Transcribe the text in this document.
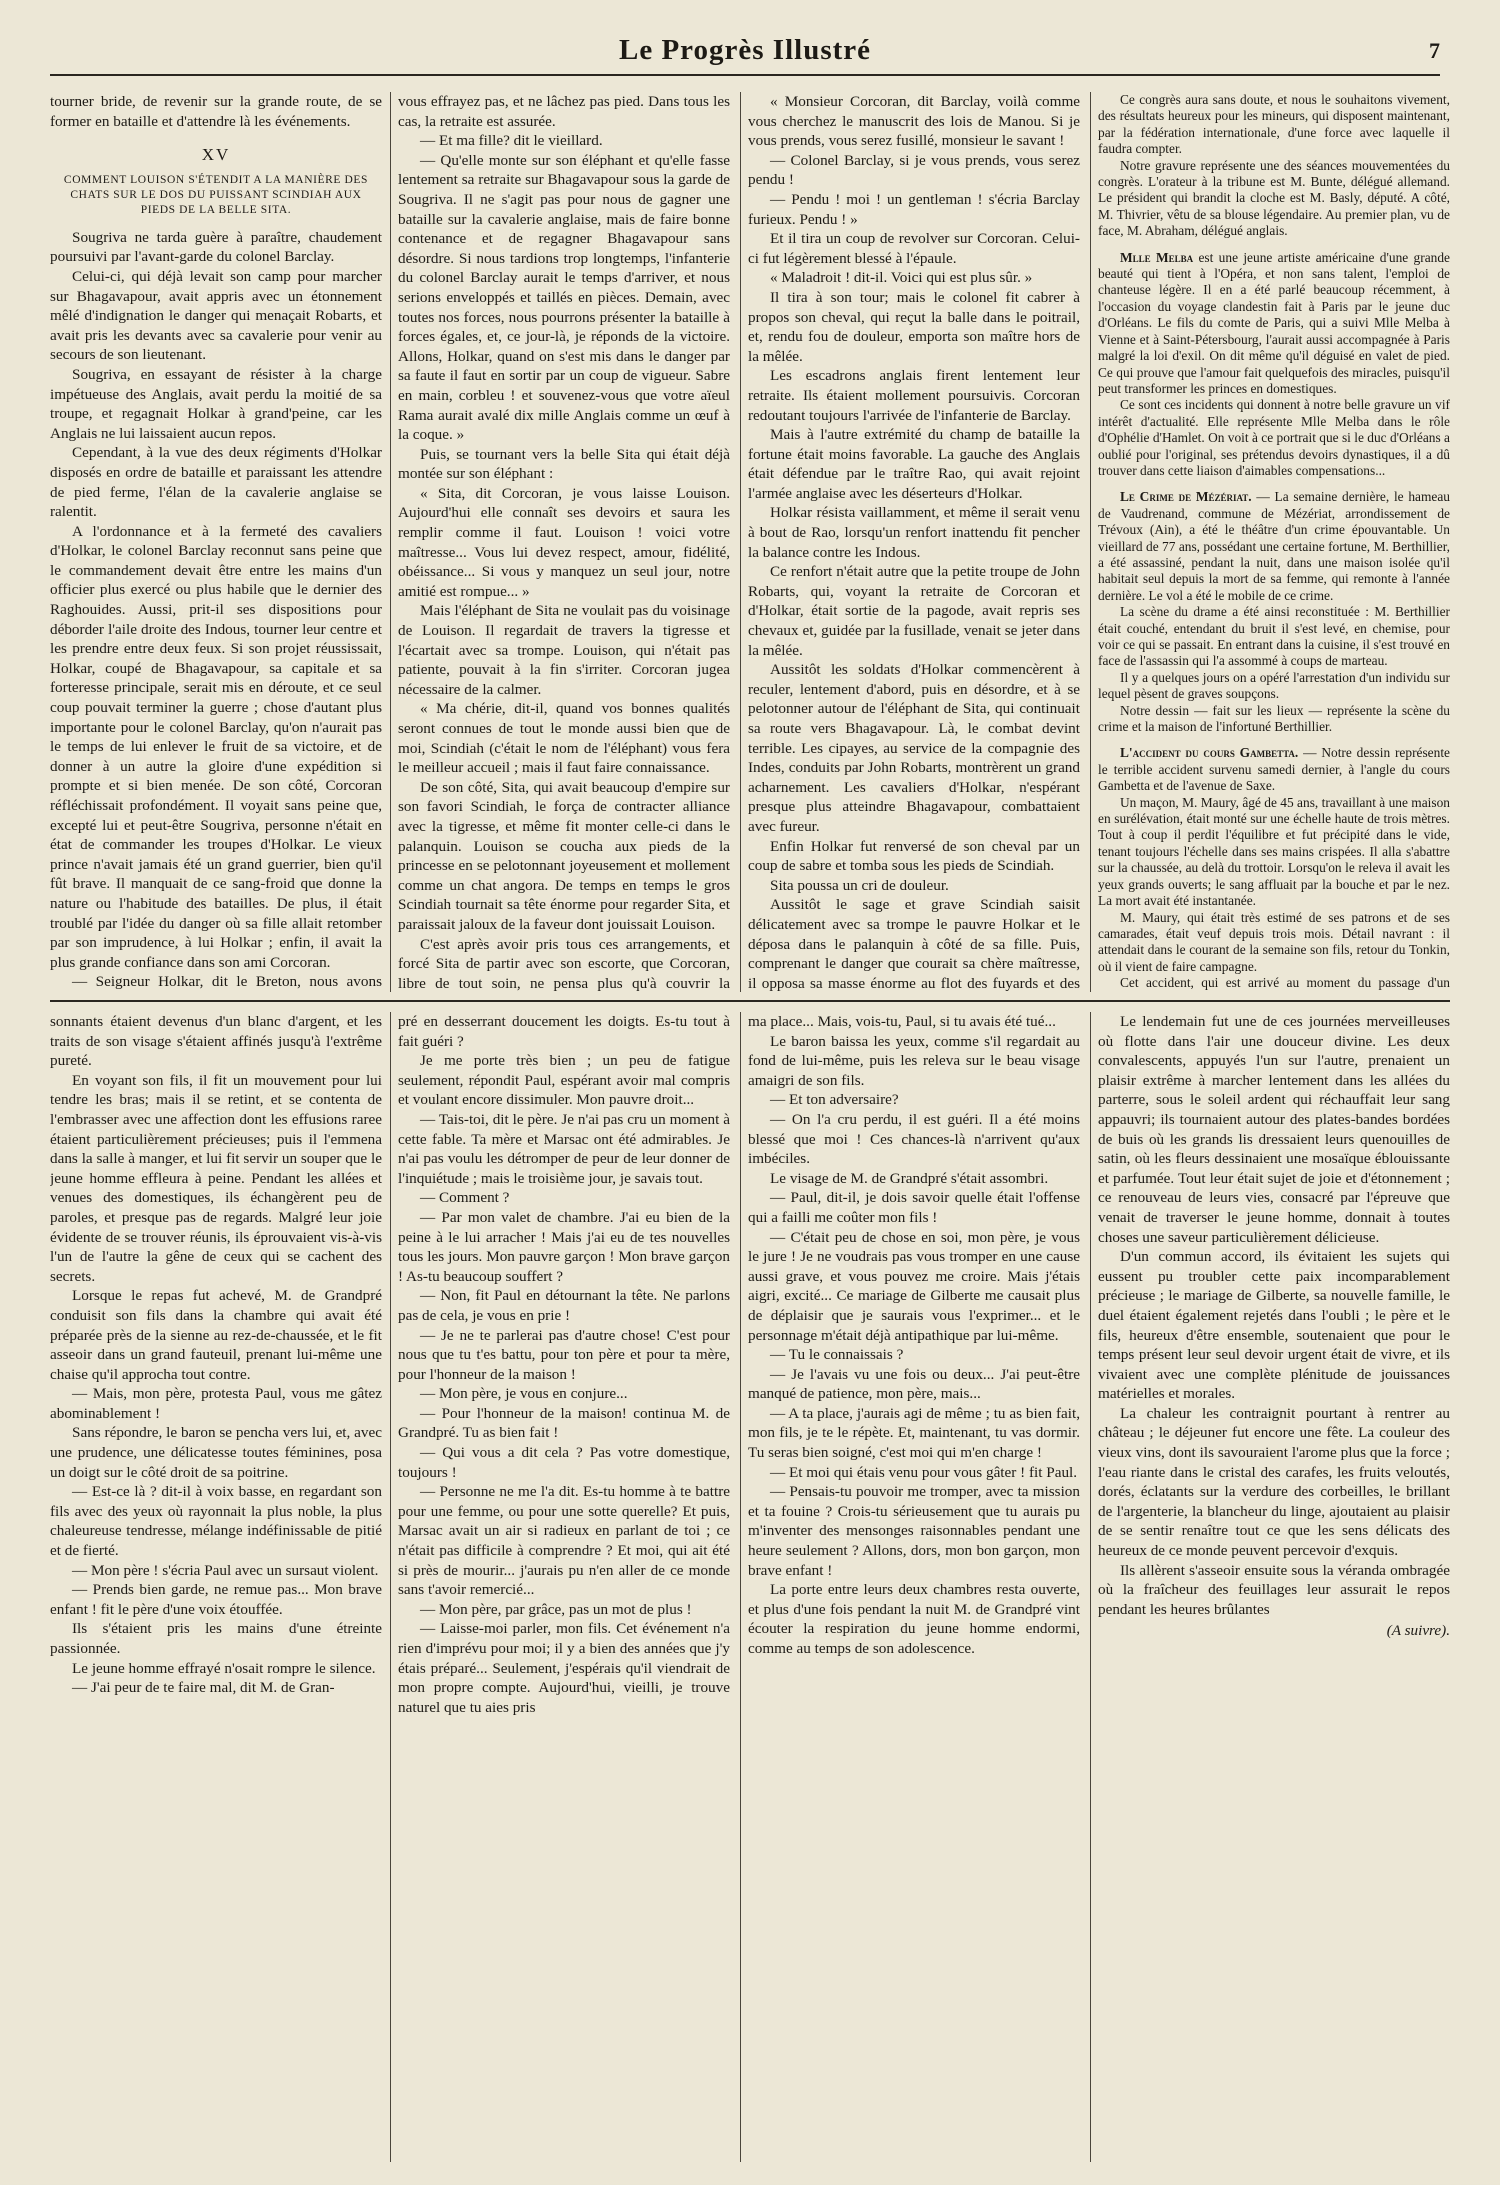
Le Progrès Illustré	7

tourner bride, de revenir sur la grande route, de se former en bataille et d'attendre là les événements.

XV
COMMENT LOUISON S'ÉTENDIT A LA MANIÈRE DES CHATS SUR LE DOS DU PUISSANT SCINDIAH AUX PIEDS DE LA BELLE SITA.

Sougriva ne tarda guère à paraître, chaudement poursuivi par l'avant-garde du colonel Barclay.

Celui-ci, qui déjà levait son camp pour marcher sur Bhagavapour, avait appris avec un étonnement mêlé d'indignation le danger qui menaçait Robarts, et avait pris les devants avec sa cavalerie pour venir au secours de son lieutenant.

Sougriva, en essayant de résister à la charge impétueuse des Anglais, avait perdu la moitié de sa troupe, et regagnait Holkar à grand'peine, car les Anglais ne lui laissaient aucun repos.

Cependant, à la vue des deux régiments d'Holkar disposés en ordre de bataille et paraissant les attendre de pied ferme, l'élan de la cavalerie anglaise se ralentit.

A l'ordonnance et à la fermeté des cavaliers d'Holkar, le colonel Barclay reconnut sans peine que le commandement devait être entre les mains d'un officier plus exercé ou plus habile que le dernier des Raghouides. Aussi, prit-il ses dispositions pour déborder l'aile droite des Indous, tourner leur centre et les prendre entre deux feux. Si son projet réussissait, Holkar, coupé de Bhagavapour, sa capitale et sa forteresse principale, serait mis en déroute, et ce seul coup pouvait terminer la guerre ; chose d'autant plus importante pour le colonel Barclay, qu'on n'aurait pas le temps de lui enlever le fruit de sa victoire, et de donner à un autre la gloire d'une expédition si prompte et si bien menée. De son côté, Corcoran réfléchissait profondément. Il voyait sans peine que, excepté lui et peut-être Sougriva, personne n'était en état de commander les troupes d'Holkar. Le vieux prince n'avait jamais été un grand guerrier, bien qu'il fût brave. Il manquait de ce sang-froid que donne la nature ou l'habitude des batailles. De plus, il était troublé par l'idée du danger où sa fille allait retomber par son imprudence, à lui Holkar ; enfin, il avait la plus grande confiance dans son ami Corcoran.

— Seigneur Holkar, dit le Breton, nous avons

vous effrayez pas, et ne lâchez pas pied. Dans tous les cas, la retraite est assurée.

— Et ma fille? dit le vieillard.

— Qu'elle monte sur son éléphant et qu'elle fasse lentement sa retraite sur Bhagavapour sous la garde de Sougriva. Il ne s'agit pas pour nous de gagner une bataille sur la cavalerie anglaise, mais de faire bonne contenance et de regagner Bhagavapour sans désordre. Si nous tardions trop longtemps, l'infanterie du colonel Barclay aurait le temps d'arriver, et nous serions enveloppés et taillés en pièces. Demain, avec toutes nos forces, nous pourrons présenter la bataille à forces égales, et, ce jour-là, je réponds de la victoire. Allons, Holkar, quand on s'est mis dans le danger par sa faute il faut en sortir par un coup de vigueur. Sabre en main, corbleu ! et souvenez-vous que votre aïeul Rama aurait avalé dix mille Anglais comme un œuf à la coque. »

Puis, se tournant vers la belle Sita qui était déjà montée sur son éléphant :

« Sita, dit Corcoran, je vous laisse Louison. Aujourd'hui elle connaît ses devoirs et saura les remplir comme il faut. Louison ! voici votre maîtresse... Vous lui devez respect, amour, fidélité, obéissance... Si vous y manquez un seul jour, notre amitié est rompue... »

Mais l'éléphant de Sita ne voulait pas du voisinage de Louison. Il regardait de travers la tigresse et l'écartait avec sa trompe. Louison, qui n'était pas patiente, pouvait à la fin s'irriter. Corcoran jugea nécessaire de la calmer.

« Ma chérie, dit-il, quand vos bonnes qualités seront connues de tout le monde aussi bien que de moi, Scindiah (c'était le nom de l'éléphant) vous fera le meilleur accueil ; mais il faut faire connaissance.

De son côté, Sita, qui avait beaucoup d'empire sur son favori Scindiah, le força de contracter alliance avec la tigresse, et même fit monter celle-ci dans le palanquin. Louison se coucha aux pieds de la princesse en se pelotonnant joyeusement et mollement comme un chat angora. De temps en temps le gros Scindiah tournait sa tête énorme pour regarder Sita, et paraissait jaloux de la faveur dont jouissait Louison.

C'est après avoir pris tous ces arrangements, et forcé Sita de partir avec son escorte, que Corcoran, libre de tout soin, ne pensa plus qu'à couvrir la

« Monsieur Corcoran, dit Barclay, voilà comme vous cherchez le manuscrit des lois de Manou. Si je vous prends, vous serez fusillé, monsieur le savant !

— Colonel Barclay, si je vous prends, vous serez pendu !

— Pendu ! moi ! un gentleman ! s'écria Barclay furieux. Pendu ! »

Et il tira un coup de revolver sur Corcoran. Celui-ci fut légèrement blessé à l'épaule.

« Maladroit ! dit-il. Voici qui est plus sûr. »

Il tira à son tour; mais le colonel fit cabrer à propos son cheval, qui reçut la balle dans le poitrail, et, rendu fou de douleur, emporta son maître hors de la mêlée.

Les escadrons anglais firent lentement leur retraite. Ils étaient mollement poursuivis. Corcoran redoutant toujours l'arrivée de l'infanterie de Barclay.

Mais à l'autre extrémité du champ de bataille la fortune était moins favorable. La gauche des Anglais était défendue par le traître Rao, qui avait rejoint l'armée anglaise avec les déserteurs d'Holkar.

Holkar résista vaillamment, et même il serait venu à bout de Rao, lorsqu'un renfort inattendu fit pencher la balance contre les Indous.

Ce renfort n'était autre que la petite troupe de John Robarts, qui, voyant la retraite de Corcoran et d'Holkar, était sortie de la pagode, avait repris ses chevaux et, guidée par la fusillade, venait se jeter dans la mêlée.

Aussitôt les soldats d'Holkar commencèrent à reculer, lentement d'abord, puis en désordre, et à se pelotonner autour de l'éléphant de Sita, qui continuait sa route vers Bhagavapour. Là, le combat devint terrible. Les cipayes, au service de la compagnie des Indes, conduits par John Robarts, montrèrent un grand acharnement. Les cavaliers d'Holkar, n'espérant presque plus atteindre Bhagavapour, combattaient avec fureur.

Enfin Holkar fut renversé de son cheval par un coup de sabre et tomba sous les pieds de Scindiah.

Sita poussa un cri de douleur.

Aussitôt le sage et grave Scindiah saisit délicatement avec sa trompe le pauvre Holkar et le déposa dans le palanquin à côté de sa fille. Puis, comprenant le danger que courait sa chère maîtresse, il opposa sa masse énorme au flot des fuyards et des

Ce congrès aura sans doute, et nous le souhaitons vivement, des résultats heureux pour les mineurs, qui disposent maintenant, par la fédération internationale, d'une force avec laquelle il faudra compter.

Notre gravure représente une des séances mouvementées du congrès. L'orateur à la tribune est M. Bunte, délégué allemand. Le président qui brandit la cloche est M. Basly, député. A côté, M. Thivrier, vêtu de sa blouse légendaire. Au premier plan, vu de face, M. Abraham, délégué anglais.

Mlle Melba est une jeune artiste américaine d'une grande beauté qui tient à l'Opéra, et non sans talent, l'emploi de chanteuse légère. Il en a été parlé beaucoup récemment, à l'occasion du voyage clandestin fait à Paris par le jeune duc d'Orléans. Le fils du comte de Paris, qui a suivi Mlle Melba à Vienne et à Saint-Pétersbourg, l'aurait aussi accompagnée à Paris malgré la loi d'exil. On dit même qu'il déguisé en valet de pied. Ce qui prouve que l'amour fait quelquefois des miracles, puisqu'il peut transformer les princes en domestiques.

Ce sont ces incidents qui donnent à notre belle gravure un vif intérêt d'actualité. Elle représente Mlle Melba dans le rôle d'Ophélie d'Hamlet. On voit à ce portrait que si le duc d'Orléans a oublié pour l'original, ses prétendus devoirs dynastiques, il a dû trouver dans cette liaison d'aimables compensations...

Le Crime de Mézériat. — La semaine dernière, le hameau de Vaudrenand, commune de Mézériat, arrondissement de Trévoux (Ain), a été le théâtre d'un crime épouvantable. Un vieillard de 77 ans, possédant une certaine fortune, M. Berthillier, a été assassiné, pendant la nuit, dans une maison isolée qu'il habitait seul depuis la mort de sa femme, qui remonte à l'année dernière. Le vol a été le mobile de ce crime.

La scène du drame a été ainsi reconstituée : M. Berthillier était couché, entendant du bruit il s'est levé, en chemise, pour voir ce qui se passait. En entrant dans la cuisine, il s'est trouvé en face de l'assassin qui l'a assommé à coups de marteau.

Il y a quelques jours on a opéré l'arrestation d'un individu sur lequel pèsent de graves soupçons.

Notre dessin — fait sur les lieux — représente la scène du crime et la maison de l'infortuné Berthillier.

L'accident du cours Gambetta. — Notre dessin représente le terrible accident survenu samedi dernier, à l'angle du cours Gambetta et de l'avenue de Saxe.

Un maçon, M. Maury, âgé de 45 ans, travaillant à une maison en surélévation, était monté sur une échelle haute de trois mètres. Tout à coup il perdit l'équilibre et fut précipité dans le vide, tenant toujours l'échelle dans ses mains crispées. Il alla s'abattre sur la chaussée, au delà du trottoir. Lorsqu'on le releva il avait les yeux grands ouverts; le sang affluait par la bouche et par le nez. La mort avait été instantanée.

M. Maury, qui était très estimé de ses patrons et de ses camarades, était veuf depuis trois mois. Détail navrant : il attendait dans le courant de la semaine son fils, retour du Tonkin, où il vient de faire campagne.

Cet accident, qui est arrivé au moment du passage d'un

sonnants étaient devenus d'un blanc d'argent, et les traits de son visage s'étaient affinés jusqu'à l'extrême pureté.

En voyant son fils, il fit un mouvement pour lui tendre les bras; mais il se retint, et se contenta de l'embrasser avec une affection dont les effusions raree étaient particulièrement précieuses; puis il l'emmena dans la salle à manger, et lui fit servir un souper que le jeune homme effleura à peine. Pendant les allées et venues des domestiques, ils échangèrent peu de paroles, et presque pas de regards. Malgré leur joie évidente de se trouver réunis, ils éprouvaient vis-à-vis l'un de l'autre la gêne de ceux qui se cachent des secrets.

Lorsque le repas fut achevé, M. de Grandpré conduisit son fils dans la chambre qui avait été préparée près de la sienne au rez-de-chaussée, et le fit asseoir dans un grand fauteuil, prenant lui-même une chaise qu'il approcha tout contre.

— Mais, mon père, protesta Paul, vous me gâtez abominablement !

Sans répondre, le baron se pencha vers lui, et, avec une prudence, une délicatesse toutes féminines, posa un doigt sur le côté droit de sa poitrine.

— Est-ce là ? dit-il à voix basse, en regardant son fils avec des yeux où rayonnait la plus noble, la plus chaleureuse tendresse, mélange indéfinissable de pitié et de fierté.

— Mon père ! s'écria Paul avec un sursaut violent.

— Prends bien garde, ne remue pas... Mon brave enfant ! fit le père d'une voix étouffée.

Ils s'étaient pris les mains d'une étreinte passionnée.

Le jeune homme effrayé n'osait rompre le silence.

— J'ai peur de te faire mal, dit M. de Gran-

pré en desserrant doucement les doigts. Es-tu tout à fait guéri ?

Je me porte très bien ; un peu de fatigue seulement, répondit Paul, espérant avoir mal compris et voulant encore dissimuler. Mon pauvre droit...

— Tais-toi, dit le père. Je n'ai pas cru un moment à cette fable. Ta mère et Marsac ont été admirables. Je n'ai pas voulu les détromper de peur de leur donner de l'inquiétude ; mais le troisième jour, je savais tout.

— Comment ?

— Par mon valet de chambre. J'ai eu bien de la peine à le lui arracher ! Mais j'ai eu de tes nouvelles tous les jours. Mon pauvre garçon ! Mon brave garçon ! As-tu beaucoup souffert ?

— Non, fit Paul en détournant la tête. Ne parlons pas de cela, je vous en prie !

— Je ne te parlerai pas d'autre chose! C'est pour nous que tu t'es battu, pour ton père et pour ta mère, pour l'honneur de la maison !

— Mon père, je vous en conjure...

— Pour l'honneur de la maison! continua M. de Grandpré. Tu as bien fait !

— Qui vous a dit cela ? Pas votre domestique, toujours !

— Personne ne me l'a dit. Es-tu homme à te battre pour une femme, ou pour une sotte querelle? Et puis, Marsac avait un air si radieux en parlant de toi ; ce n'était pas difficile à comprendre ? Et moi, qui ait été si près de mourir... j'aurais pu n'en aller de ce monde sans t'avoir remercié...

— Mon père, par grâce, pas un mot de plus !

— Laisse-moi parler, mon fils. Cet événement n'a rien d'imprévu pour moi; il y a bien des années que j'y étais préparé... Seulement, j'espérais qu'il viendrait de mon propre compte. Aujourd'hui, vieilli, je trouve naturel que tu aies pris

ma place... Mais, vois-tu, Paul, si tu avais été tué...

Le baron baissa les yeux, comme s'il regardait au fond de lui-même, puis les releva sur le beau visage amaigri de son fils.

— Et ton adversaire?

— On l'a cru perdu, il est guéri. Il a été moins blessé que moi ! Ces chances-là n'arrivent qu'aux imbéciles.

Le visage de M. de Grandpré s'était assombri.

— Paul, dit-il, je dois savoir quelle était l'offense qui a failli me coûter mon fils !

— C'était peu de chose en soi, mon père, je vous le jure ! Je ne voudrais pas vous tromper en une cause aussi grave, et vous pouvez me croire. Mais j'étais aigri, excité... Ce mariage de Gilberte me causait plus de déplaisir que je saurais vous l'exprimer... et le personnage m'était déjà antipathique par lui-même.

— Tu le connaissais ?

— Je l'avais vu une fois ou deux... J'ai peut-être manqué de patience, mon père, mais...

— A ta place, j'aurais agi de même ; tu as bien fait, mon fils, je te le répète. Et, maintenant, tu vas dormir. Tu seras bien soigné, c'est moi qui m'en charge !

— Et moi qui étais venu pour vous gâter ! fit Paul.

— Pensais-tu pouvoir me tromper, avec ta mission et ta fouine ? Crois-tu sérieusement que tu aurais pu m'inventer des mensonges raisonnables pendant une heure seulement ? Allons, dors, mon bon garçon, mon brave enfant !

La porte entre leurs deux chambres resta ouverte, et plus d'une fois pendant la nuit M. de Grandpré vint écouter la respiration du jeune homme endormi, comme au temps de son adolescence.

Le lendemain fut une de ces journées merveilleuses où flotte dans l'air une douceur divine. Les deux convalescents, appuyés l'un sur l'autre, prenaient un plaisir extrême à marcher lentement dans les allées du parterre, sous le soleil ardent qui réchauffait leur sang appauvri; ils tournaient autour des plates-bandes bordées de buis où les grands lis dressaient leurs quenouilles de satin, où les fleurs dessinaient une mosaïque éblouissante et parfumée. Tout leur était sujet de joie et d'étonnement ; ce renouveau de leurs vies, consacré par l'épreuve que venait de traverser le jeune homme, donnait à toutes choses une saveur particulièrement délicieuse.

D'un commun accord, ils évitaient les sujets qui eussent pu troubler cette paix incomparablement précieuse ; le mariage de Gilberte, sa nouvelle famille, le duel étaient également rejetés dans l'oubli ; le père et le fils, heureux d'être ensemble, soutenaient que pour le temps présent leur seul devoir urgent était de vivre, et ils vivaient avec une complète plénitude de jouissances matérielles et morales.

La chaleur les contraignit pourtant à rentrer au château ; le déjeuner fut encore une fête. La couleur des vieux vins, dont ils savouraient l'arome plus que la force ; l'eau riante dans le cristal des carafes, les fruits veloutés, dorés, éclatants sur la verdure des corbeilles, le brillant de l'argenterie, la blancheur du linge, ajoutaient au plaisir de se sentir renaître tout ce que les sens délicats des heureux de ce monde peuvent percevoir d'exquis.

Ils allèrent s'asseoir ensuite sous la véranda ombragée où la fraîcheur des feuillages leur assurait le repos pendant les heures brûlantes

(A suivre).
